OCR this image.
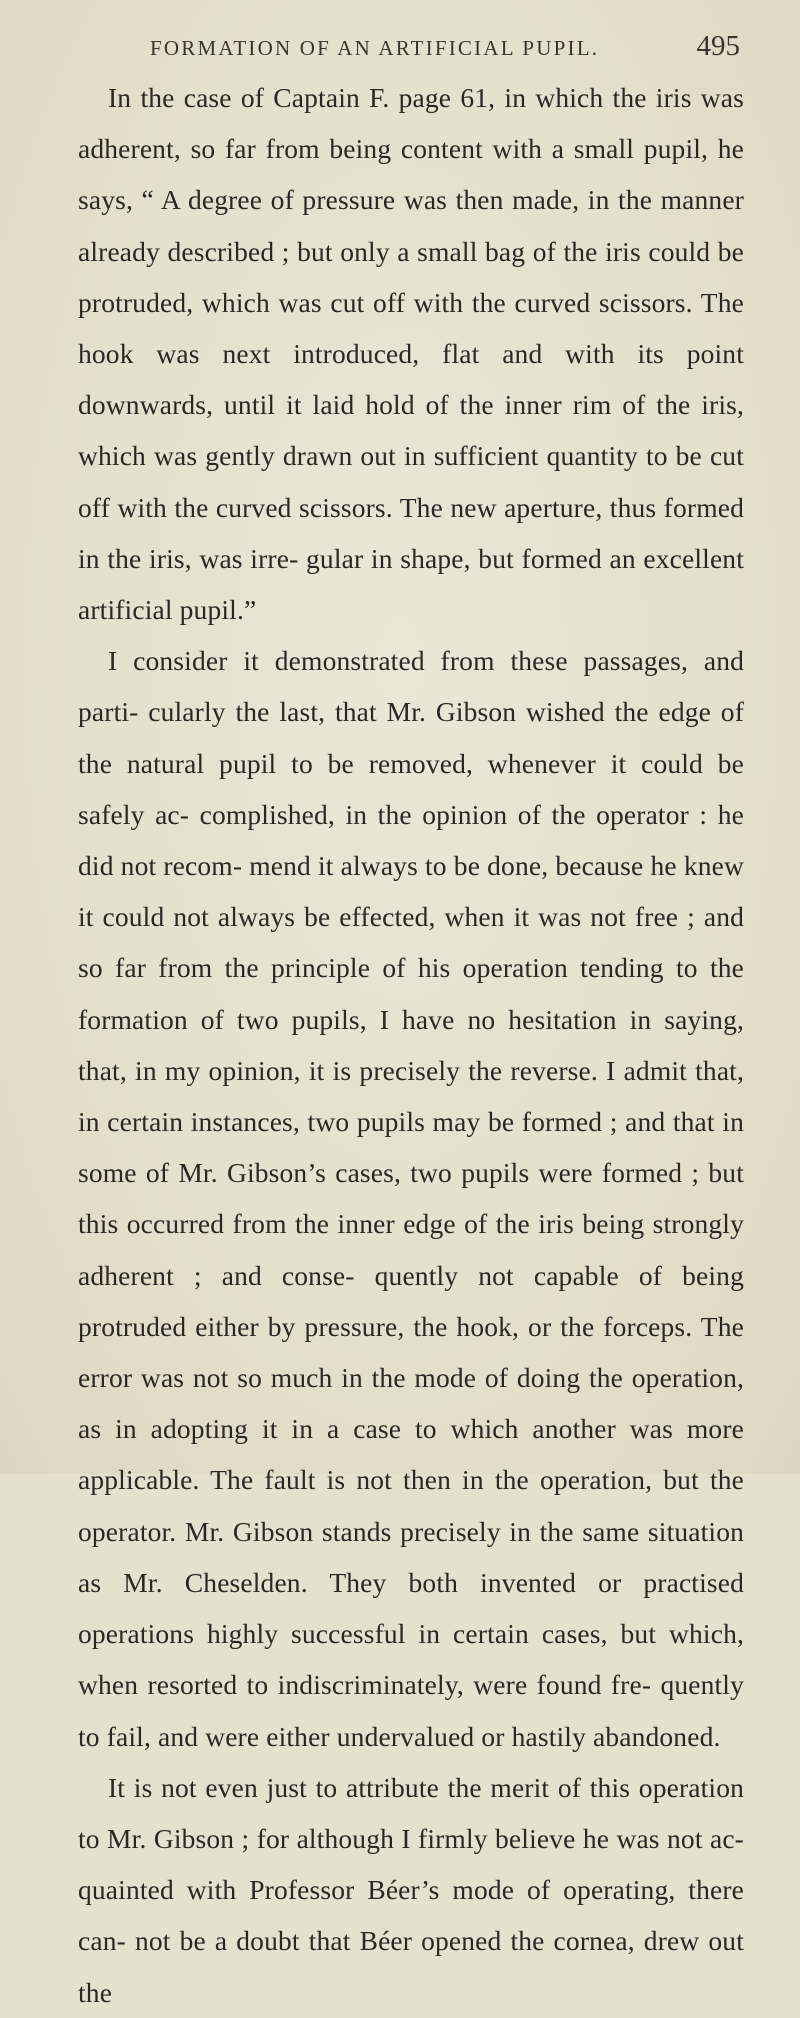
FORMATION OF AN ARTIFICIAL PUPIL.	495

In the case of Captain F. page 61, in which the iris was adherent, so far from being content with a small pupil, he says, “ A degree of pressure was then made, in the manner already described ; but only a small bag of the iris could be protruded, which was cut off with the curved scissors. The hook was next introduced, flat and with its point downwards, until it laid hold of the inner rim of the iris, which was gently drawn out in sufficient quantity to be cut off with the curved scissors. The new aperture, thus formed in the iris, was irre- gular in shape, but formed an excellent artificial pupil.”

I consider it demonstrated from these passages, and parti- cularly the last, that Mr. Gibson wished the edge of the natural pupil to be removed, whenever it could be safely ac- complished, in the opinion of the operator : he did not recom- mend it always to be done, because he knew it could not always be effected, when it was not free ; and so far from the principle of his operation tending to the formation of two pupils, I have no hesitation in saying, that, in my opinion, it is precisely the reverse. I admit that, in certain instances, two pupils may be formed ; and that in some of Mr. Gibson’s cases, two pupils were formed ; but this occurred from the inner edge of the iris being strongly adherent ; and conse- quently not capable of being protruded either by pressure, the hook, or the forceps. The error was not so much in the mode of doing the operation, as in adopting it in a case to which another was more applicable. The fault is not then in the operation, but the operator. Mr. Gibson stands precisely in the same situation as Mr. Cheselden. They both invented or practised operations highly successful in certain cases, but which, when resorted to indiscriminately, were found fre- quently to fail, and were either undervalued or hastily abandoned.

It is not even just to attribute the merit of this operation to Mr. Gibson ; for although I firmly believe he was not ac- quainted with Professor Béer’s mode of operating, there can- not be a doubt that Béer opened the cornea, drew out the
